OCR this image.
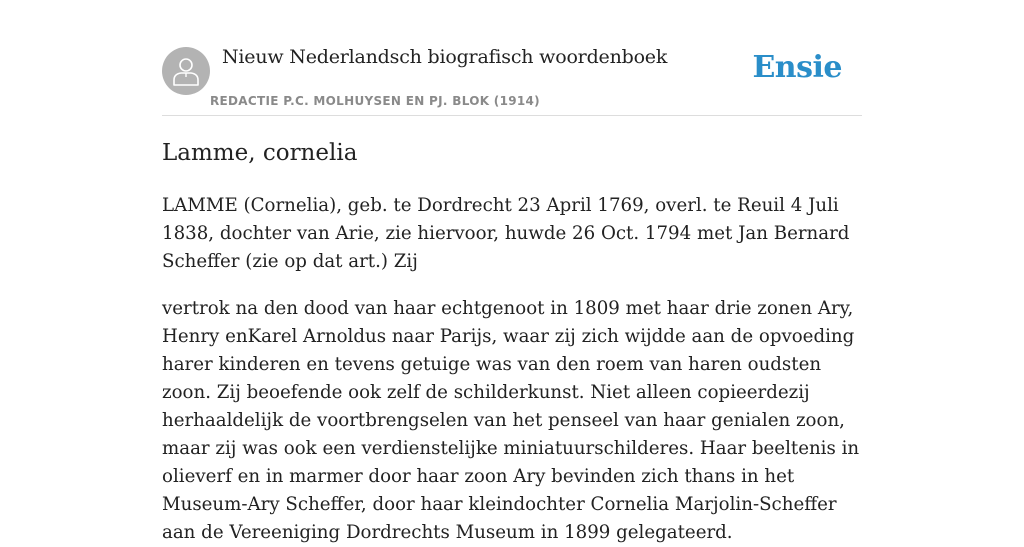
Nieuw Nederlandsch biografisch woordenboek
REDACTIE P.C. MOLHUYSEN EN PJ. BLOK (1914)
Ensie
Lamme, cornelia

LAMME (Cornelia), geb. te Dordrecht 23 April 1769, overl. te Reuil 4 Juli 1838, dochter van Arie, zie hiervoor, huwde 26 Oct. 1794 met Jan Bernard Scheffer (zie op dat art.) Zij

vertrok na den dood van haar echtgenoot in 1809 met haar drie zonen Ary, Henry enKarel Arnoldus naar Parijs, waar zij zich wijdde aan de opvoeding harer kinderen en tevens getuige was van den roem van haren oudsten zoon. Zij beoefende ook zelf de schilderkunst. Niet alleen copieerdezij herhaaldelijk de voortbrengselen van het penseel van haar genialen zoon, maar zij was ook een verdienstelijke miniatuurschilderes. Haar beeltenis in olieverf en in marmer door haar zoon Ary bevinden zich thans in het Museum-Ary Scheffer, door haar kleindochter Cornelia Marjolin-Scheffer aan de Vereeniging Dordrechts Museum in 1899 gelegateerd.
